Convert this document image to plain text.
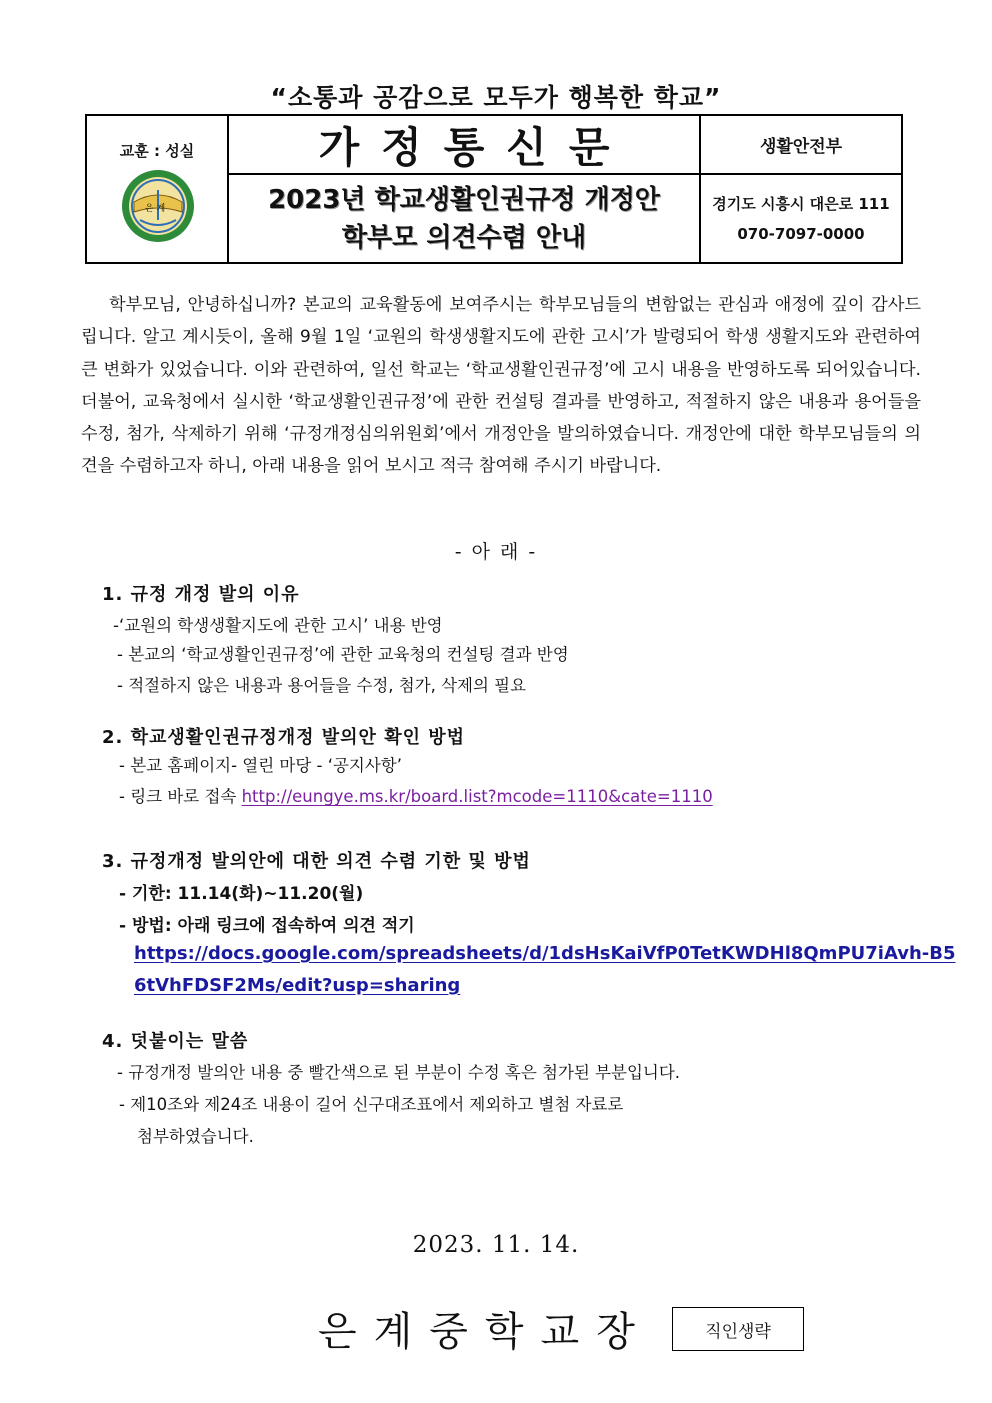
“소통과 공감으로 모두가 행복한 학교”
교훈 : 성실
은 계
가정통신문
2023년 학교생활인권규정 개정안
학부모 의견수렴 안내
생활안전부
경기도 시흥시 대은로 111
070-7097-0000

학부모님, 안녕하십니까? 본교의 교육활동에 보여주시는 학부모님들의 변함없는 관심과 애정에 깊이 감사드립니다. 알고 계시듯이, 올해 9월 1일 ‘교원의 학생생활지도에 관한 고시’가 발령되어 학생 생활지도와 관련하여 큰 변화가 있었습니다. 이와 관련하여, 일선 학교는 ‘학교생활인권규정’에 고시 내용을 반영하도록 되어있습니다. 더불어, 교육청에서 실시한 ‘학교생활인권규정’에 관한 컨설팅 결과를 반영하고, 적절하지 않은 내용과 용어들을 수정, 첨가, 삭제하기 위해 ‘규정개정심의위원회’에서 개정안을 발의하였습니다. 개정안에 대한 학부모님들의 의견을 수렴하고자 하니, 아래 내용을 읽어 보시고 적극 참여해 주시기 바랍니다.

- 아 래 -
1. 규정 개정 발의 이유
-‘교원의 학생생활지도에 관한 고시’ 내용 반영
- 본교의 ‘학교생활인권규정’에 관한 교육청의 컨설팅 결과 반영
- 적절하지 않은 내용과 용어들을 수정, 첨가, 삭제의 필요
2. 학교생활인권규정개정 발의안 확인 방법
- 본교 홈페이지- 열린 마당 - ‘공지사항’
- 링크 바로 접속 http://eungye.ms.kr/board.list?mcode=1110&cate=1110
3. 규정개정 발의안에 대한 의견 수렴 기한 및 방법
- 기한: 11.14(화)~11.20(월)
- 방법: 아래 링크에 접속하여 의견 적기
https://docs.google.com/spreadsheets/d/1dsHsKaiVfP0TetKWDHl8QmPU7iAvh-B5
6tVhFDSF2Ms/edit?usp=sharing
4. 덧붙이는 말씀
- 규정개정 발의안 내용 중 빨간색으로 된 부분이 수정 혹은 첨가된 부분입니다.
- 제10조와 제24조 내용이 길어 신구대조표에서 제외하고 별첨 자료로
첨부하였습니다.
2023. 11. 14.
은계중학교장	직인생략
